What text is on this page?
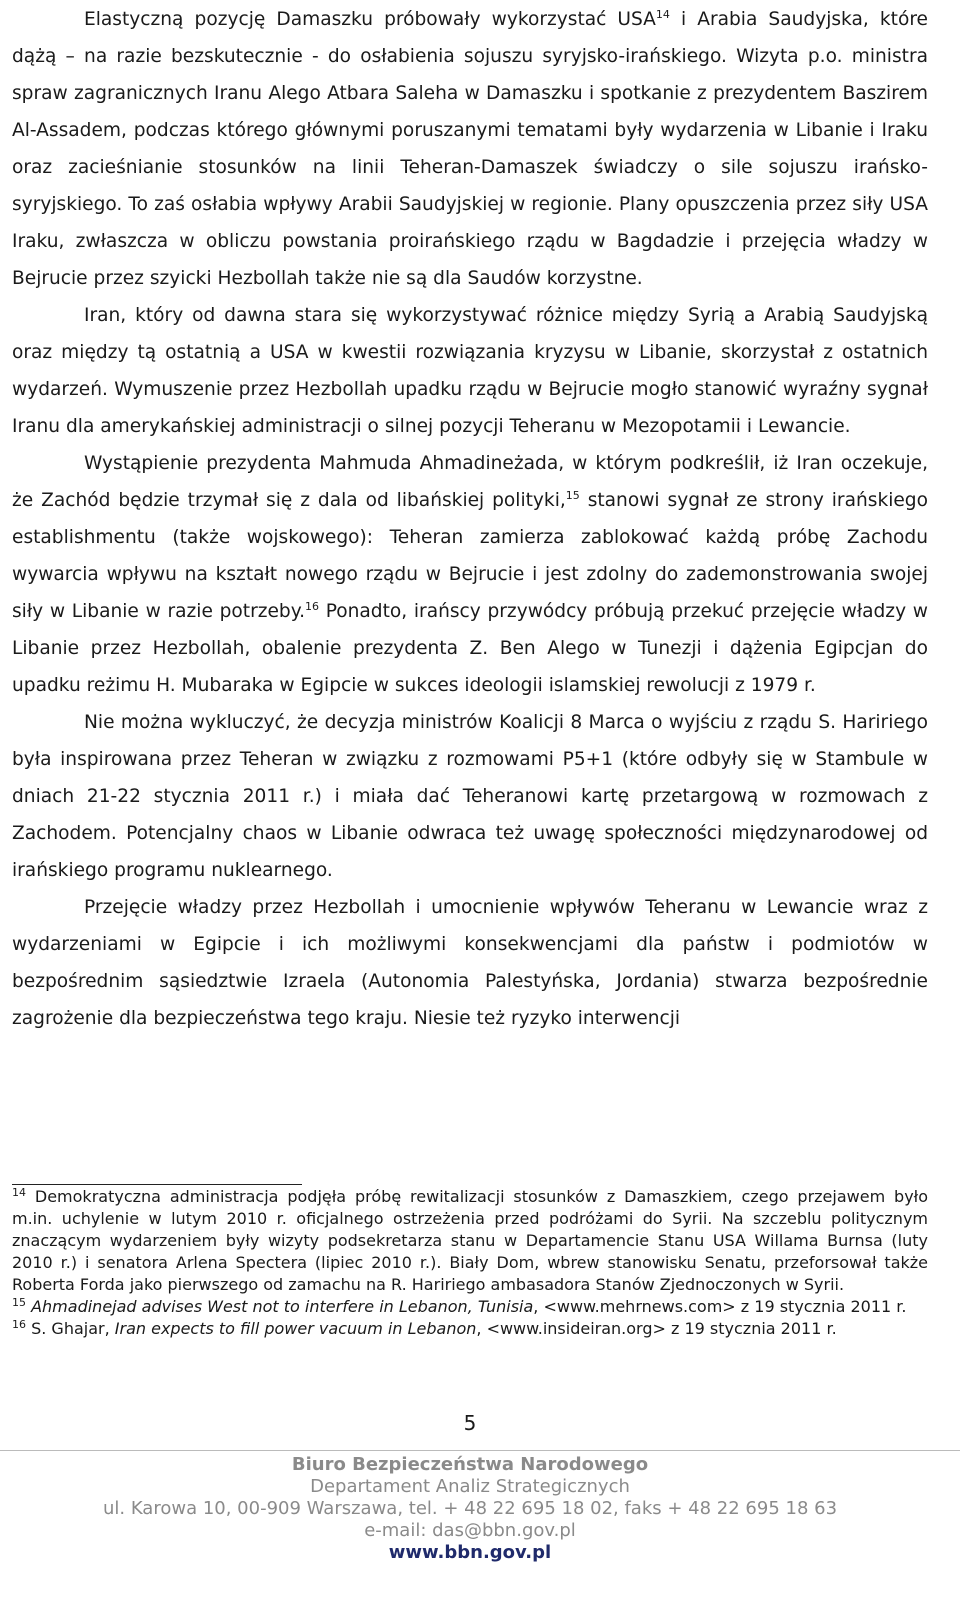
Elastyczną pozycję Damaszku próbowały wykorzystać USA$^{14}$ i Arabia Saudyjska, które dążą – na razie bezskutecznie - do osłabienia sojuszu syryjsko-irańskiego. Wizyta p.o. ministra spraw zagranicznych Iranu Alego Atbara Saleha w Damaszku i spotkanie z prezydentem Baszirem Al-Assadem, podczas którego głównymi poruszanymi tematami były wydarzenia w Libanie i Iraku oraz zacieśnianie stosunków na linii Teheran-Damaszek świadczy o sile sojuszu irańsko-syryjskiego. To zaś osłabia wpływy Arabii Saudyjskiej w regionie. Plany opuszczenia przez siły USA Iraku, zwłaszcza w obliczu powstania proirańskiego rządu w Bagdadzie i przejęcia władzy w Bejrucie przez szyicki Hezbollah także nie są dla Saudów korzystne.

Iran, który od dawna stara się wykorzystywać różnice między Syrią a Arabią Saudyjską oraz między tą ostatnią a USA w kwestii rozwiązania kryzysu w Libanie, skorzystał z ostatnich wydarzeń. Wymuszenie przez Hezbollah upadku rządu w Bejrucie mogło stanowić wyraźny sygnał Iranu dla amerykańskiej administracji o silnej pozycji Teheranu w Mezopotamii i Lewancie.

Wystąpienie prezydenta Mahmuda Ahmadineżada, w którym podkreślił, iż Iran oczekuje, że Zachód będzie trzymał się z dala od libańskiej polityki,$^{15}$ stanowi sygnał ze strony irańskiego establishmentu (także wojskowego): Teheran zamierza zablokować każdą próbę Zachodu wywarcia wpływu na kształt nowego rządu w Bejrucie i jest zdolny do zademonstrowania swojej siły w Libanie w razie potrzeby.$^{16}$ Ponadto, irańscy przywódcy próbują przekuć przejęcie władzy w Libanie przez Hezbollah, obalenie prezydenta Z. Ben Alego w Tunezji i dążenia Egipcjan do upadku reżimu H. Mubaraka w Egipcie w sukces ideologii islamskiej rewolucji z 1979 r.

Nie można wykluczyć, że decyzja ministrów Koalicji 8 Marca o wyjściu z rządu S. Haririego była inspirowana przez Teheran w związku z rozmowami P5+1 (które odbyły się w Stambule w dniach 21-22 stycznia 2011 r.) i miała dać Teheranowi kartę przetargową w rozmowach z Zachodem. Potencjalny chaos w Libanie odwraca też uwagę społeczności międzynarodowej od irańskiego programu nuklearnego.

Przejęcie władzy przez Hezbollah i umocnienie wpływów Teheranu w Lewancie wraz z wydarzeniami w Egipcie i ich możliwymi konsekwencjami dla państw i podmiotów w bezpośrednim sąsiedztwie Izraela (Autonomia Palestyńska, Jordania) stwarza bezpośrednie zagrożenie dla bezpieczeństwa tego kraju. Niesie też ryzyko interwencji

$^{14}$ Demokratyczna administracja podjęła próbę rewitalizacji stosunków z Damaszkiem, czego przejawem było m.in. uchylenie w lutym 2010 r. oficjalnego ostrzeżenia przed podróżami do Syrii. Na szczeblu politycznym znaczącym wydarzeniem były wizyty podsekretarza stanu w Departamencie Stanu USA Willama Burnsa (luty 2010 r.) i senatora Arlena Spectera (lipiec 2010 r.). Biały Dom, wbrew stanowisku Senatu, przeforsował także Roberta Forda jako pierwszego od zamachu na R. Haririego ambasadora Stanów Zjednoczonych w Syrii.

$^{15}$ Ahmadinejad advises West not to interfere in Lebanon, Tunisia, <www.mehrnews.com> z 19 stycznia 2011 r.

$^{16}$ S. Ghajar, Iran expects to fill power vacuum in Lebanon, <www.insideiran.org> z 19 stycznia 2011 r.

5
Biuro Bezpieczeństwa Narodowego
Departament Analiz Strategicznych
ul. Karowa 10, 00-909 Warszawa, tel. + 48 22 695 18 02, faks + 48 22 695 18 63
e-mail: das@bbn.gov.pl
www.bbn.gov.pl
